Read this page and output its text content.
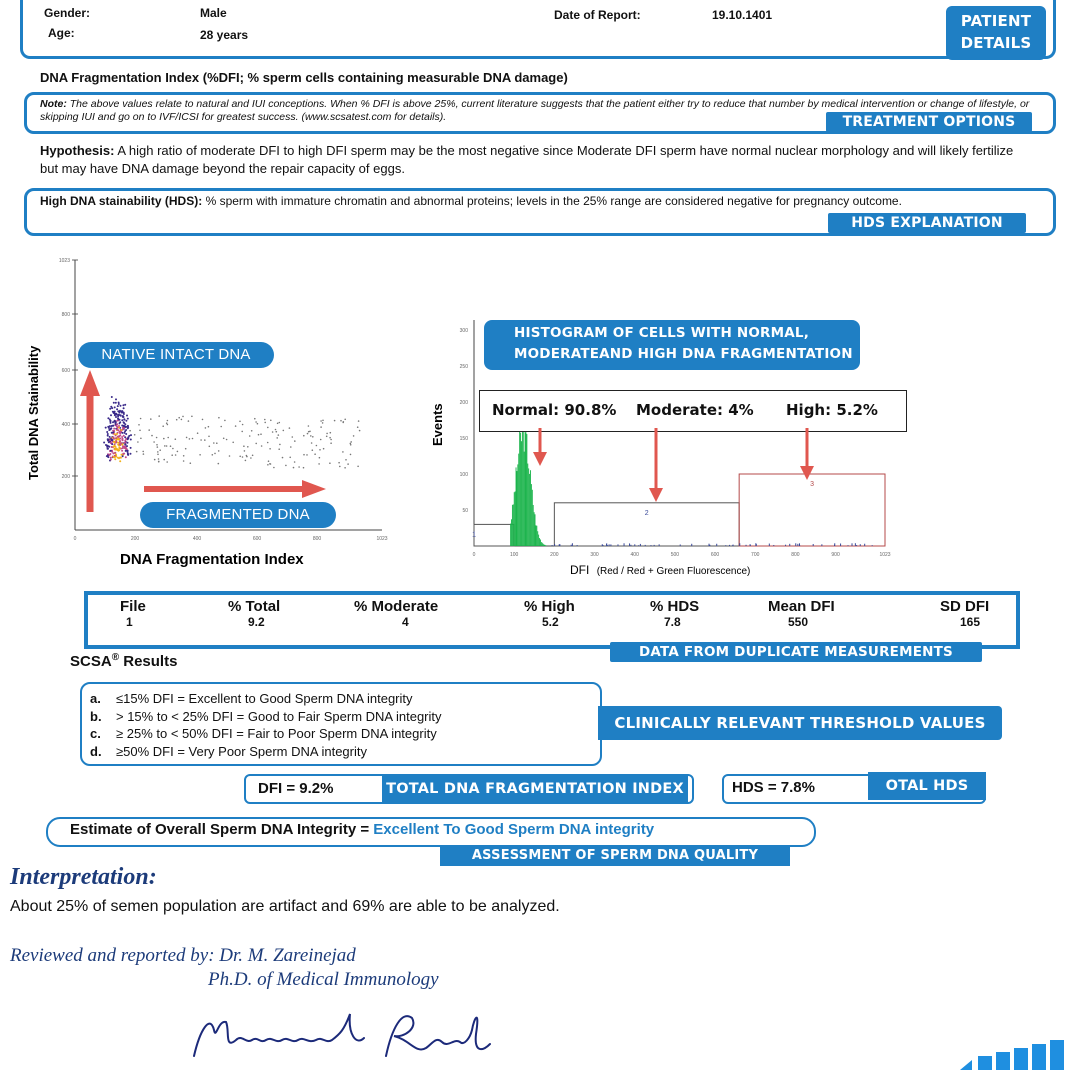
Gender:	Male
Age:	28 years
Date of Report:	19.10.1401	PATIENT
DETAILS
DNA Fragmentation Index (%DFI; % sperm cells containing measurable DNA damage)
Note: The above values relate to natural and IUI conceptions. When % DFI is above 25%, current literature suggests that the patient either try to reduce that number by medical intervention or change of lifestyle, or skipping IUI and go on to IVF/ICSI for greatest success. (www.scsatest.com for details).	TREATMENT OPTIONS
Hypothesis: A high ratio of moderate DFI to high DFI sperm may be the most negative since Moderate DFI sperm have normal nuclear morphology and will likely fertilize but may have DNA damage beyond the repair capacity of eggs.
High DNA stainability (HDS): % sperm with immature chromatin and abnormal proteins; levels in the 25% range are considered negative for pregnancy outcome.
HDS EXPLANATION
Total DNA Stainability
1023
800
600
400
200
0	200	400	600	800	1023
DNA Fragmentation Index
NATIVE INTACT DNA
FRAGMENTED DNA
Events
300
250
200
150
100
50
0	100	200	300	400	500	600	700	800	900	1023
1
2
3
DFI (Red / Red + Green Fluorescence)
HISTOGRAM OF CELLS WITH NORMAL, MODERATEAND HIGH DNA FRAGMENTATION
Normal: 90.8% Moderate: 4% High: 5.2%
File	% Total	% Moderate	% High	% HDS	Mean DFI	SD DFI
1	9.2	4	5.2	7.8	550	165
DATA FROM DUPLICATE MEASUREMENTS
SCSA® Results
a. ≤15% DFI = Excellent to Good Sperm DNA integrity
b. > 15% to < 25% DFI = Good to Fair Sperm DNA integrity
c. ≥ 25% to < 50% DFI = Fair to Poor Sperm DNA integrity
d. ≥50% DFI = Very Poor Sperm DNA integrity
CLINICALLY RELEVANT THRESHOLD VALUES
DFI = 9.2%	TOTAL DNA FRAGMENTATION INDEX	HDS = 7.8%	OTAL HDS
Estimate of Overall Sperm DNA Integrity = Excellent To Good Sperm DNA integrity
ASSESSMENT OF SPERM DNA QUALITY
Interpretation:
About 25% of semen population are artifact and 69% are able to be analyzed.
Reviewed and reported by: Dr. M. Zareinejad
Ph.D. of Medical Immunology
